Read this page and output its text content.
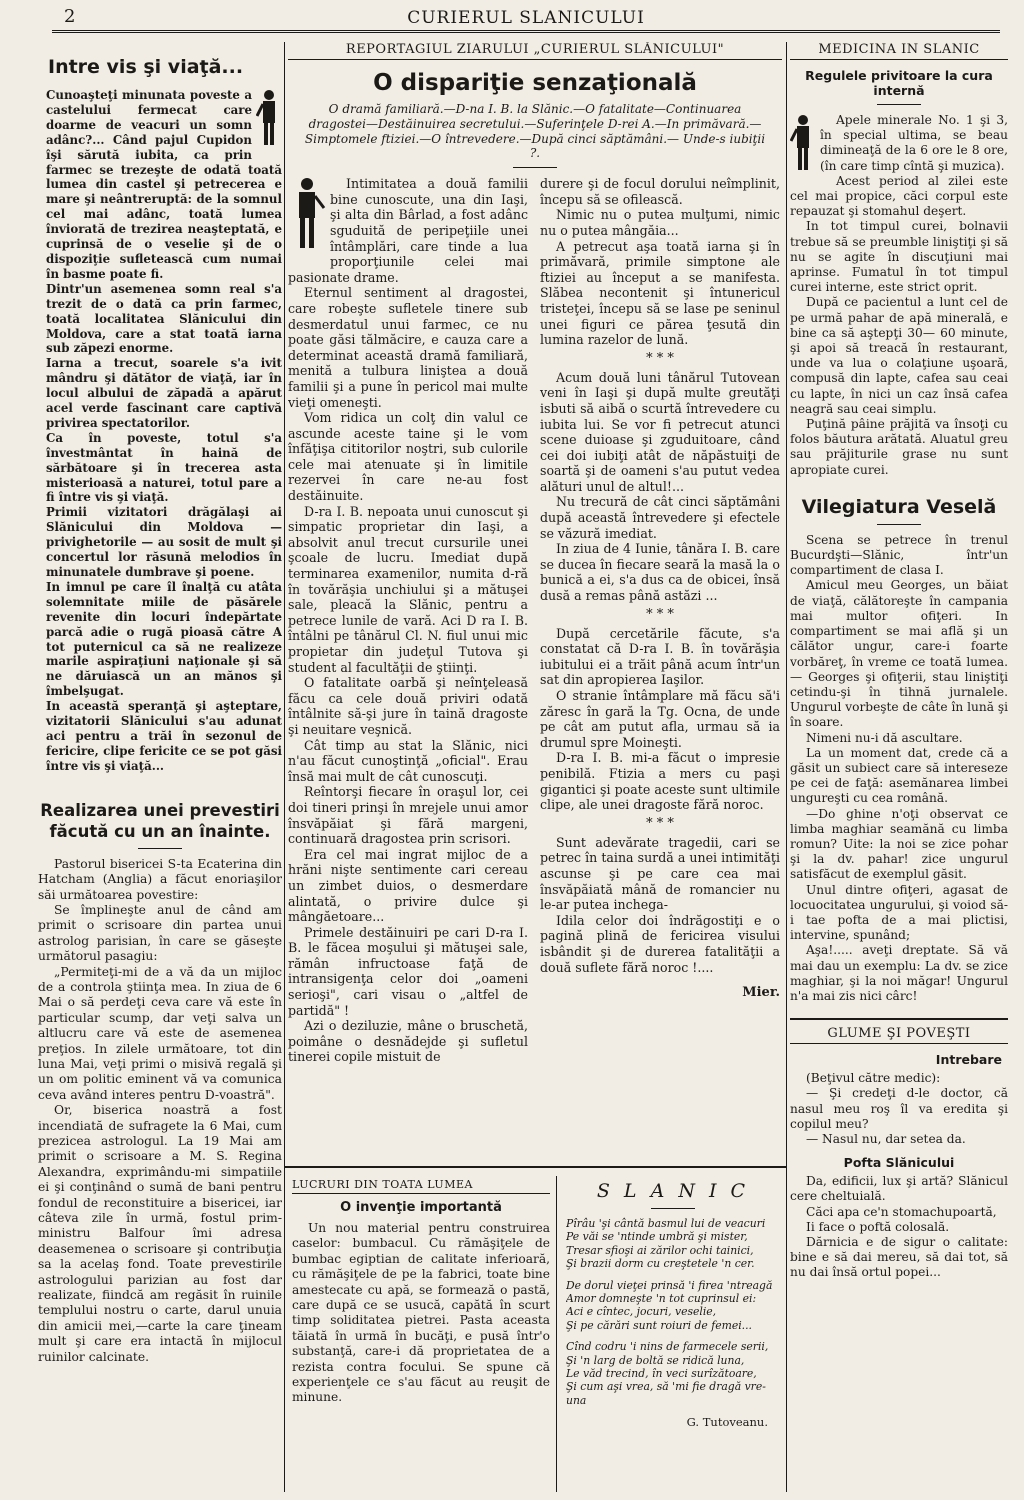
2	CURIERUL SLANICULUI
Intre vis şi viaţă...
Cunoaşteţi minunata poveste a castelului fermecat care doarme de veacuri un somn adânc?... Când pajul Cupidon îşi sărută iubita, ca prin farmec se trezeşte de odată toată lumea din castel şi petrecerea e mare şi neântreruptă: de la somnul cel mai adânc, toată lumea înviorată de trezirea neaşteptată, e cuprinsă de o veselie şi de o dispoziţie sufletească cum numai în basme poate fi.
Dintr'un asemenea somn real s'a trezit de o dată ca prin farmec, toată localitatea Slănicului din Moldova, care a stat toată iarna sub zăpezi enorme.
Iarna a trecut, soarele s'a ivit mândru şi dătător de viaţă, iar în locul albului de zăpadă a apărut acel verde fascinant care captivă privirea spectatorilor.
Ca în poveste, totul s'a învestmântat în haină de sărbătoare şi în trecerea asta misterioasă a naturei, totul pare a fi între vis şi viaţă.
Primii vizitatori drăgălaşi ai Slănicului din Moldova — privighetorile — au sosit de mult şi concertul lor răsună melodios în minunatele dumbrave şi poene.
In imnul pe care îl înalţă cu atâta solemnitate miile de păsărele revenite din locuri îndepărtate parcă adie o rugă pioasă către A tot puternicul ca să ne realizeze marile aspiraţiuni naţionale şi să ne dăruiască un an mănos şi îmbelşugat.
In această speranţă şi aşteptare, vizitatorii Slănicului s'au adunat aci pentru a trăi în sezonul de fericire, clipe fericite ce se pot găsi între vis şi viaţă...
Realizarea unei prevestiri făcută cu un an înainte.

Pastorul bisericei S-ta Ecaterina din Hatcham (Anglia) a făcut enoriaşilor săi următoarea povestire:

Se împlineşte anul de când am primit o scrisoare din partea unui astrolog parisian, în care se găseşte următorul pasagiu:

„Permiteţi-mi de a vă da un mijloc de a controla ştiinţa mea. In ziua de 6 Mai o să perdeţi ceva care vă este în particular scump, dar veţi salva un altlucru care vă este de asemenea preţios. In zilele următoare, tot din luna Mai, veţi primi o misivă regală şi un om politic eminent vă va comunica ceva având interes pentru D-voastră".

Or, biserica noastră a fost incendiată de sufragete la 6 Mai, cum prezicea astrologul. La 19 Mai am primit o scrisoare a M. S. Regina Alexandra, exprimându-mi simpatiile ei şi conţinând o sumă de bani pentru fondul de reconstituire a bisericei, iar câteva zile în urmă, fostul prim-ministru Balfour îmi adresa deasemenea o scrisoare şi contribuţia sa la acelaş fond. Toate prevestirile astrologului parizian au fost dar realizate, fiindcă am regăsit în ruinile templului nostru o carte, darul unuia din amicii mei,—carte la care ţineam mult şi care era intactă în mijlocul ruinilor calcinate.

REPORTAGIUL ZIARULUI „CURIERUL SLĂNICULUI"
O dispariţie senzaţională
O dramă familiară.—D-na I. B. la Slănic.—O fatalitate—Continuarea dragostei—Destăinuirea secretului.—Suferinţele D-rei A.—In primăvară.—Simptomele ftiziei.—O întrevedere.—După cinci săptămâni.— Unde-s iubiţii ?.

Intimitatea a două familii bine cunoscute, una din Iaşi, şi alta din Bârlad, a fost adânc sguduită de peripeţiile unei întâmplări, care tinde a lua proporţiunile celei mai pasionate drame.

Eternul sentiment al dragostei, care robeşte sufletele tinere sub desmerdatul unui farmec, ce nu poate găsi tălmăcire, e cauza care a determinat această dramă familiară, menită a tulbura liniştea a două familii şi a pune în pericol mai multe vieţi omeneşti.

Vom ridica un colţ din valul ce ascunde aceste taine şi le vom înfăţişa cititorilor noştri, sub culorile cele mai atenuate şi în limitile rezervei în care ne-au fost destăinuite.

D-ra I. B. nepoata unui cunoscut şi simpatic proprietar din Iaşi, a absolvit anul trecut cursurile unei şcoale de lucru. Imediat după terminarea examenilor, numita d-ră în tovărăşia unchiului şi a mătuşei sale, pleacă la Slănic, pentru a petrece lunile de vară. Aci D ra I. B. întâlni pe tânărul Cl. N. fiul unui mic propietar din judeţul Tutova şi student al facultăţii de ştiinţi.

O fatalitate oarbă şi neînţeleasă făcu ca cele două priviri odată întâlnite să-şi jure în taină dragoste şi neuitare veşnică.

Cât timp au stat la Slănic, nici n'au făcut cunoştinţă „oficial". Erau însă mai mult de cât cunoscuţi.

Reîntorşi fiecare în oraşul lor, cei doi tineri prinşi în mrejele unui amor însvăpăiat şi fără margeni, continuară dragostea prin scrisori.

Era cel mai ingrat mijloc de a hrăni nişte sentimente cari cereau un zimbet duios, o desmerdare alintată, o privire dulce şi mângăetoare...

Primele destăinuiri pe cari D-ra I. B. le făcea moşului şi mătuşei sale, rămân infructoase faţă de intransigenţa celor doi „oameni serioşi", cari visau o „altfel de partidă" !

Azi o deziluzie, mâne o bruschetă, poimâne o desnădejde şi sufletul tinerei copile mistuit de

durere şi de focul dorului neîmplinit, începu să se ofilească.

Nimic nu o putea mulţumi, nimic nu o putea mângăia...

A petrecut aşa toată iarna şi în primăvară, primile simptone ale ftiziei au început a se manifesta. Slăbea necontenit şi întunericul tristeţei, începu să se lase pe seninul unei figuri ce părea ţesută din lumina razelor de lună.

* * *

Acum două luni tânărul Tutovean veni în Iaşi şi după multe greutăţi isbuti să aibă o scurtă întrevedere cu iubita lui. Se vor fi petrecut atunci scene duioase şi zguduitoare, când cei doi iubiţi atât de năpăstuiţi de soartă şi de oameni s'au putut vedea alături unul de altul!...

Nu trecură de cât cinci săptămâni după această întrevedere şi efectele se văzură imediat.

In ziua de 4 Iunie, tânăra I. B. care se ducea în fiecare seară la masă la o bunică a ei, s'a dus ca de obicei, însă dusă a remas până astăzi ...

* * *

După cercetările făcute, s'a constatat că D-ra I. B. în tovărăşia iubitului ei a trăit până acum într'un sat din apropierea Iaşilor.

O stranie întâmplare mă făcu să'i zăresc în gară la Tg. Ocna, de unde pe cât am putut afla, urmau să ia drumul spre Moineşti.

D-ra I. B. mi-a făcut o impresie penibilă. Ftizia a mers cu paşi gigantici şi poate aceste sunt ultimile clipe, ale unei dragoste fără noroc.

* * *

Sunt adevărate tragedii, cari se petrec în taina surdă a unei intimităţi ascunse şi pe care cea mai însvăpăiată mână de romancier nu le-ar putea inchega-

Idila celor doi îndrăgostiţi e o pagină plină de fericirea visului isbândit şi de durerea fatalităţii a două suflete fără noroc !....

Mier.
LUCRURI DIN TOATA LUMEA
O invenţie importantă

Un nou material pentru construirea caselor: bumbacul. Cu rămăşiţele de bumbac egiptian de calitate inferioară, cu rămăşiţele de pe la fabrici, toate bine amestecate cu apă, se formează o pastă, care după ce se usucă, capătă în scurt timp soliditatea pietrei. Pasta aceasta tăiată în urmă în bucăţi, e pusă într'o substanţă, care-i dă proprietatea de a rezista contra focului. Se spune că experienţele ce s'au făcut au reuşit de minune.

S L A N I C

Pîrâu 'şi cântă basmul lui de veacuri

Pe văi se 'ntinde umbră şi mister,

Tresar sfioşi ai zărilor ochi tainici,

Şi brazii dorm cu creştetele 'n cer.

De dorul vieţei prinsă 'i firea 'ntreagă

Amor domneşte 'n tot cuprinsul ei:

Aci e cîntec, jocuri, veselie,

Şi pe cărări sunt roiuri de femei...

Cînd codru 'i nins de farmecele serii,

Şi 'n larg de boltă se ridică luna,

Le văd trecind, în veci surîzătoare,

Şi cum aşi vrea, să 'mi fie dragă vre-una

G. Tutoveanu.
MEDICINA IN SLANIC
Regulele privitoare la cura internă

Apele minerale No. 1 şi 3, în special ultima, se beau dimineaţă de la 6 ore le 8 ore, (în care timp cîntă şi muzica).

Acest period al zilei este cel mai propice, căci corpul este repauzat şi stomahul deşert.

In tot timpul curei, bolnavii trebue să se preumble liniştiţi şi să nu se agite în discuţiuni mai aprinse. Fumatul în tot timpul curei interne, este strict oprit.

După ce pacientul a lunt cel de pe urmă pahar de apă minerală, e bine ca să aştepţi 30— 60 minute, şi apoi să treacă în restaurant, unde va lua o colaţiune uşoară, compusă din lapte, cafea sau ceai cu lapte, în nici un caz însă cafea neagră sau ceai simplu.

Puţină pâine prăjită va însoţi cu folos băutura arătată. Aluatul greu sau prăjiturile grase nu sunt apropiate curei.

Vilegiatura Veselă

Scena se petrece în trenul Bucurdşti—Slănic, într'un compartiment de clasa I.

Amicul meu Georges, un băiat de viaţă, călătoreşte în campania mai multor ofiţeri. In compartiment se mai află şi un călător ungur, care-i foarte vorbăreţ, în vreme ce toată lumea.— Georges şi ofiţerii, stau liniştiţi cetindu-şi în tihnă jurnalele. Ungurul vorbeşte de câte în lună şi în soare.

Nimeni nu-i dă ascultare.

La un moment dat, crede că a găsit un subiect care să intereseze pe cei de faţă: asemănarea limbei ungureşti cu cea română.

—Do ghine n'oţi observat ce limba maghiar seamănă cu limba romun? Uite: la noi se zice pohar şi la dv. pahar! zice ungurul satisfăcut de exemplul găsit.

Unul dintre ofiţeri, agasat de locuocitatea ungurului, şi voiod să-i tae pofta de a mai plictisi, intervine, spunând;

Aşa!..... aveţi dreptate. Să vă mai dau un exemplu: La dv. se zice maghiar, şi la noi măgar! Ungurul n'a mai zis nici cârc!

GLUME ŞI POVEŞTI
Intrebare

(Beţivul către medic):

— Şi credeţi d-le doctor, că nasul meu roş îl va eredita şi copilul meu?

— Nasul nu, dar setea da.

Pofta Slănicului

Da, edificii, lux şi artă? Slănicul cere cheltuială.

Căci apa ce'n stomachupoartă,

Ii face o poftă colosală.

Dărnicia e de sigur o calitate: bine e să dai mereu, să dai tot, să nu dai însă ortul popei...
